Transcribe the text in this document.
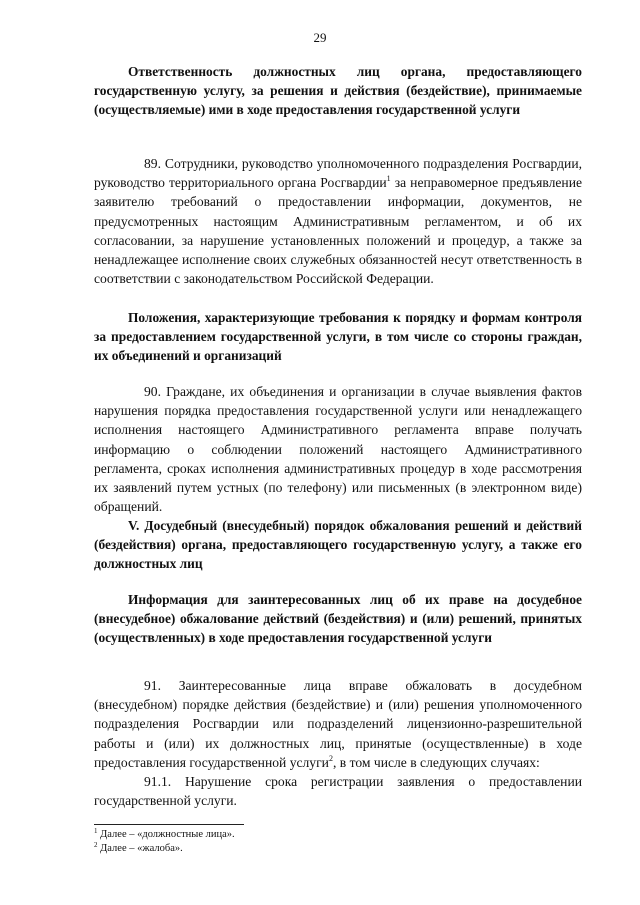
29
Ответственность должностных лиц органа, предоставляющего государственную услугу, за решения и действия (бездействие), принимаемые (осуществляемые) ими в ходе предоставления государственной услуги
89. Сотрудники, руководство уполномоченного подразделения Росгвардии, руководство территориального органа Росгвардии$^1$ за неправомерное предъявление заявителю требований о предоставлении информации, документов, не предусмотренных настоящим Административным регламентом, и об их согласовании, за нарушение установленных положений и процедур, а также за ненадлежащее исполнение своих служебных обязанностей несут ответственность в соответствии с законодательством Российской Федерации.
Положения, характеризующие требования к порядку и формам контроля за предоставлением государственной услуги, в том числе со стороны граждан, их объединений и организаций
90. Граждане, их объединения и организации в случае выявления фактов нарушения порядка предоставления государственной услуги или ненадлежащего исполнения настоящего Административного регламента вправе получать информацию о соблюдении положений настоящего Административного регламента, сроках исполнения административных процедур в ходе рассмотрения их заявлений путем устных (по телефону) или письменных (в электронном виде) обращений.
V. Досудебный (внесудебный) порядок обжалования решений и действий (бездействия) органа, предоставляющего государственную услугу, а также его должностных лиц
Информация для заинтересованных лиц об их праве на досудебное (внесудебное) обжалование действий (бездействия) и (или) решений, принятых (осуществленных) в ходе предоставления государственной услуги
91. Заинтересованные лица вправе обжаловать в досудебном (внесудебном) порядке действия (бездействие) и (или) решения уполномоченного подразделения Росгвардии или подразделений лицензионно-разрешительной работы и (или) их должностных лиц, принятые (осуществленные) в ходе предоставления государственной услуги$^2$, в том числе в следующих случаях:
91.1. Нарушение срока регистрации заявления о предоставлении государственной услуги.
$^1$ Далее – «должностные лица».
$^2$ Далее – «жалоба».
